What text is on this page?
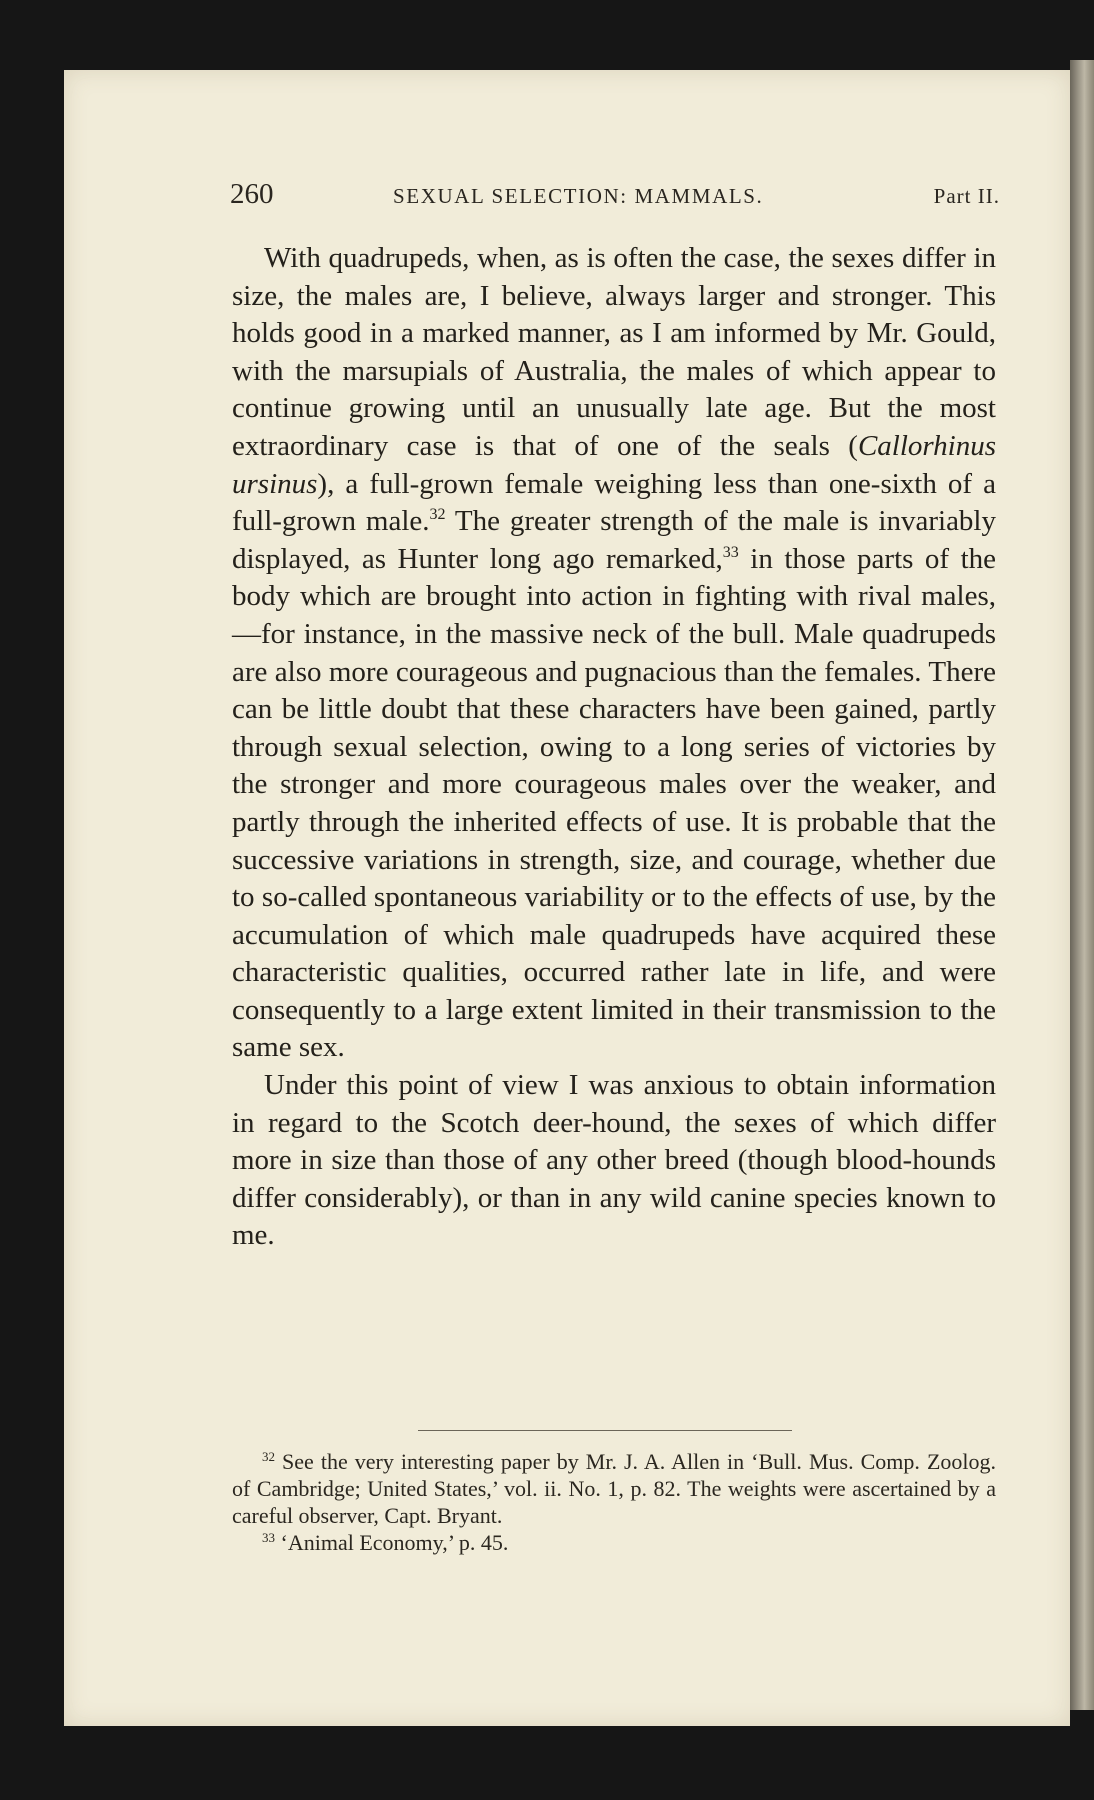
260	SEXUAL SELECTION: MAMMALS.	Part II.

With quadrupeds, when, as is often the case, the sexes differ in size, the males are, I believe, always larger and stronger. This holds good in a marked manner, as I am informed by Mr. Gould, with the marsupials of Australia, the males of which appear to continue growing until an unusually late age. But the most extraordinary case is that of one of the seals (Callorhinus ursinus), a full-grown female weighing less than one-sixth of a full-grown male.$^{32}$ The greater strength of the male is invariably displayed, as Hunter long ago remarked,$^{33}$ in those parts of the body which are brought into action in fighting with rival males,—for instance, in the massive neck of the bull. Male quadrupeds are also more courageous and pugnacious than the females. There can be little doubt that these characters have been gained, partly through sexual selection, owing to a long series of victories by the stronger and more courageous males over the weaker, and partly through the inherited effects of use. It is probable that the successive variations in strength, size, and courage, whether due to so-called spontaneous variability or to the effects of use, by the accumulation of which male quadrupeds have acquired these characteristic qualities, occurred rather late in life, and were consequently to a large extent limited in their transmission to the same sex.

Under this point of view I was anxious to obtain information in regard to the Scotch deer-hound, the sexes of which differ more in size than those of any other breed (though blood-hounds differ considerably), or than in any wild canine species known to me.

$^{32}$ See the very interesting paper by Mr. J. A. Allen in ‘Bull. Mus. Comp. Zoolog. of Cambridge; United States,’ vol. ii. No. 1, p. 82. The weights were ascertained by a careful observer, Capt. Bryant.

$^{33}$ ‘Animal Economy,’ p. 45.
